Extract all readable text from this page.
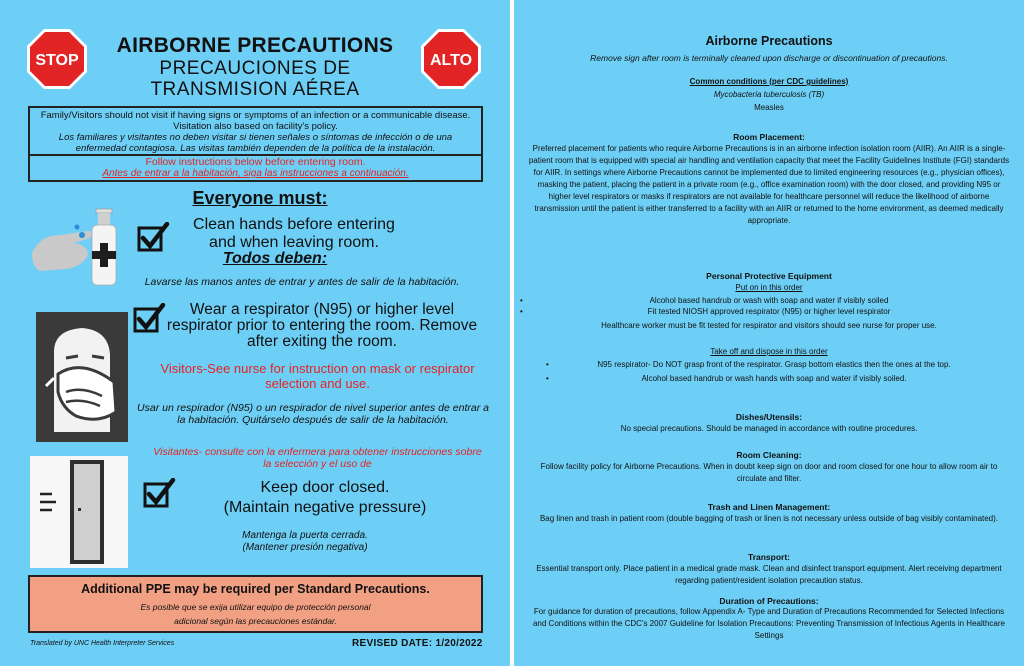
STOP
AIRBORNE PRECAUTIONS
PRECAUCIONES DE
TRANSMISION AÉREA
ALTO
Family/Visitors should not visit if having signs or symptoms of an infection or a communicable disease. Visitation also based on facility's policy.
Los familiares y visitantes no deben visitar si tienen señales o síntomas de infección o de una enfermedad contagiosa. Las visitas también dependen de la política de la instalación.
Follow instructions below before entering room.
Antes de entrar a la habitación, siga las instrucciones a continuación.
Everyone must:
Clean hands before entering and when leaving room.
Todos deben:
Lavarse las manos antes de entrar y antes de salir de la habitación.
Wear a respirator (N95) or higher level respirator prior to entering the room. Remove after exiting the room.
Visitors-See nurse for instruction on mask or respirator selection and use.
Usar un respirador (N95) o un respirador de nivel superior antes de entrar a la habitación. Quitárselo después de salir de la habitación.
Visitantes- consulte con la enfermera para obtener instrucciones sobre la selección y el uso de
Keep door closed.
(Maintain negative pressure)
Mantenga la puerta cerrada.
(Mantener presión negativa)
Additional PPE may be required per Standard Precautions.
Es posible que se exija utilizar equipo de protección personal
adicional según las precauciones estándar.
Translated by UNC Health Interpreter Services	REVISED DATE: 1/20/2022
Airborne Precautions
Remove sign after room is terminally cleaned upon discharge or discontinuation of precautions.
Common conditions (per CDC guidelines)
Mycobacteria tuberculosis (TB)
Measles
Room Placement:
Preferred placement for patients who require Airborne Precautions is in an airborne infection isolation room (AIIR). An AIIR is a single-patient room that is equipped with special air handling and ventilation capacity that meet the Facility Guidelines Institute (FGI) standards for AIIR. In settings where Airborne Precautions cannot be implemented due to limited engineering resources (e.g., physician offices), masking the patient, placing the patient in a private room (e.g., office examination room) with the door closed, and providing N95 or higher level respirators or masks if respirators are not available for healthcare personnel will reduce the likelihood of airborne transmission until the patient is either transferred to a facility with an AIIR or returned to the home environment, as deemed medically appropriate.
Personal Protective Equipment
Put on in this order
• Alcohol based handrub or wash with soap and water if visibly soiled
• Fit tested NIOSH approved respirator (N95) or higher level respirator
Healthcare worker must be fit tested for respirator and visitors should see nurse for proper use.
Take off and dispose in this order
• N95 respirator- Do NOT grasp front of the respirator. Grasp bottom elastics then the ones at the top.
• Alcohol based handrub or wash hands with soap and water if visibly soiled.
Dishes/Utensils:
No special precautions. Should be managed in accordance with routine procedures.
Room Cleaning:
Follow facility policy for Airborne Precautions. When in doubt keep sign on door and room closed for one hour to allow room air to circulate and filter.
Trash and Linen Management:
Bag linen and trash in patient room (double bagging of trash or linen is not necessary unless outside of bag visibly contaminated).
Transport:
Essential transport only. Place patient in a medical grade mask. Clean and disinfect transport equipment. Alert receiving department regarding patient/resident isolation precaution status.
Duration of Precautions:
For guidance for duration of precautions, follow Appendix A- Type and Duration of Precautions Recommended for Selected Infections and Conditions within the CDC's 2007 Guideline for Isolation Precautions: Preventing Transmission of Infectious Agents in Healthcare Settings
